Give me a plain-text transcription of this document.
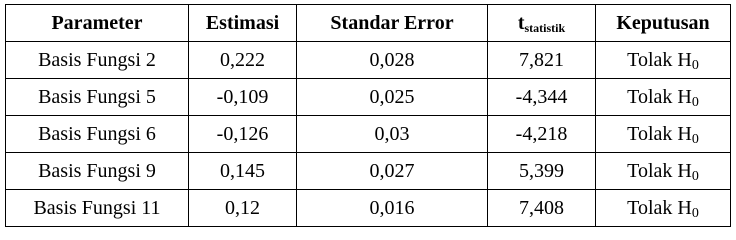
Parameter	Estimasi	Standar Error	tstatistik	Keputusan
Basis Fungsi 2	0,222	0,028	7,821	Tolak H0
Basis Fungsi 5	-0,109	0,025	-4,344	Tolak H0
Basis Fungsi 6	-0,126	0,03	-4,218	Tolak H0
Basis Fungsi 9	0,145	0,027	5,399	Tolak H0
Basis Fungsi 11	0,12	0,016	7,408	Tolak H0
